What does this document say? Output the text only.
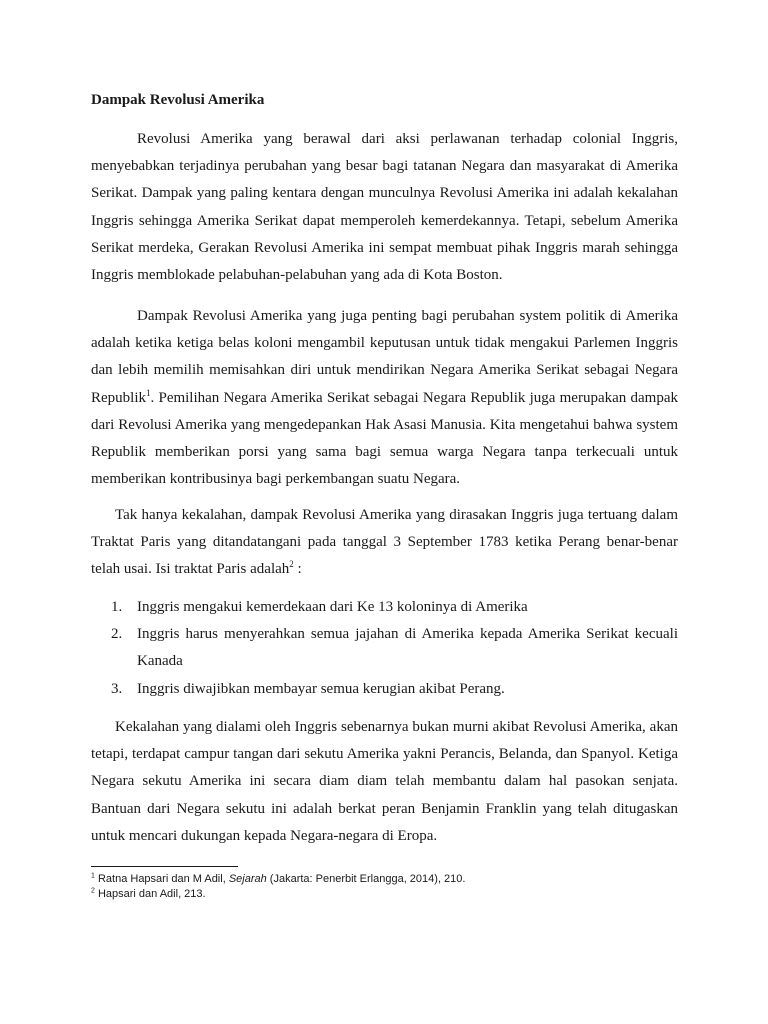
Dampak Revolusi Amerika

Revolusi Amerika yang berawal dari aksi perlawanan terhadap colonial Inggris, menyebabkan terjadinya perubahan yang besar bagi tatanan Negara dan masyarakat di Amerika Serikat. Dampak yang paling kentara dengan munculnya Revolusi Amerika ini adalah kekalahan Inggris sehingga Amerika Serikat dapat memperoleh kemerdekannya. Tetapi, sebelum Amerika Serikat merdeka, Gerakan Revolusi Amerika ini sempat membuat pihak Inggris marah sehingga Inggris memblokade pelabuhan-pelabuhan yang ada di Kota Boston.

Dampak Revolusi Amerika yang juga penting bagi perubahan system politik di Amerika adalah ketika ketiga belas koloni mengambil keputusan untuk tidak mengakui Parlemen Inggris dan lebih memilih memisahkan diri untuk mendirikan Negara Amerika Serikat sebagai Negara Republik$^1$. Pemilihan Negara Amerika Serikat sebagai Negara Republik juga merupakan dampak dari Revolusi Amerika yang mengedepankan Hak Asasi Manusia. Kita mengetahui bahwa system Republik memberikan porsi yang sama bagi semua warga Negara tanpa terkecuali untuk memberikan kontribusinya bagi perkembangan suatu Negara.

Tak hanya kekalahan, dampak Revolusi Amerika yang dirasakan Inggris juga tertuang dalam Traktat Paris yang ditandatangani pada tanggal 3 September 1783 ketika Perang benar-benar telah usai. Isi traktat Paris adalah$^2$ :

1. Inggris mengakui kemerdekaan dari Ke 13 koloninya di Amerika
2. Inggris harus menyerahkan semua jajahan di Amerika kepada Amerika Serikat kecuali Kanada
3. Inggris diwajibkan membayar semua kerugian akibat Perang.

Kekalahan yang dialami oleh Inggris sebenarnya bukan murni akibat Revolusi Amerika, akan tetapi, terdapat campur tangan dari sekutu Amerika yakni Perancis, Belanda, dan Spanyol. Ketiga Negara sekutu Amerika ini secara diam diam telah membantu dalam hal pasokan senjata. Bantuan dari Negara sekutu ini adalah berkat peran Benjamin Franklin yang telah ditugaskan untuk mencari dukungan kepada Negara-negara di Eropa.

$^1$ Ratna Hapsari dan M Adil, Sejarah (Jakarta: Penerbit Erlangga, 2014), 210.

$^2$ Hapsari dan Adil, 213.
